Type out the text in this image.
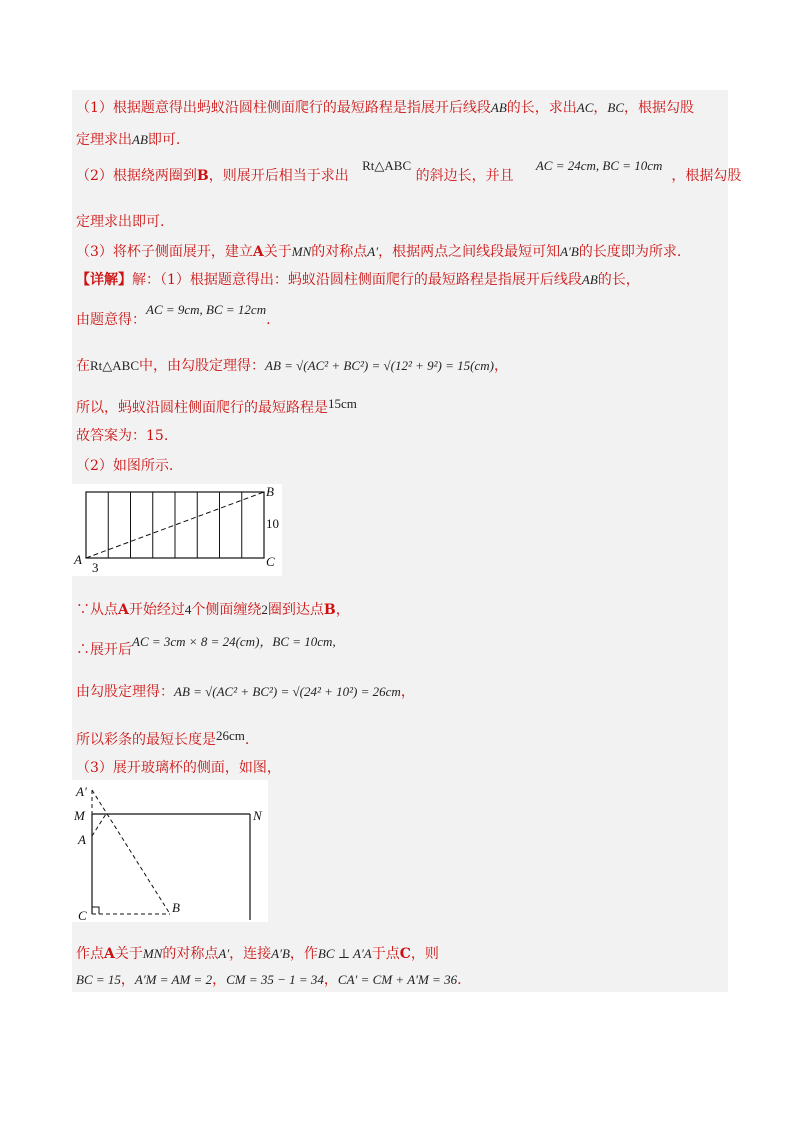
（1）根据题意得出蚂蚁沿圆柱侧面爬行的最短路程是指展开后线段AB的长，求出AC，BC，根据勾股
定理求出AB即可.
（2）根据绕两圈到B，则展开后相当于求出   Rt△ABC 的斜边长，并且     AC = 24cm, BC = 10cm  ，根据勾股
定理求出即可.
（3）将杯子侧面展开，建立A关于MN的对称点A′，根据两点之间线段最短可知A′B的长度即为所求.
【详解】解：（1）根据题意得出：蚂蚁沿圆柱侧面爬行的最短路程是指展开后线段AB的长，
由题意得：AC = 9cm, BC = 12cm.
在Rt△ABC中，由勾股定理得：AB = √(AC² + BC²) = √(12² + 9²) = 15(cm)，
所以，蚂蚁沿圆柱侧面爬行的最短路程是15cm
故答案为：15.
（2）如图所示.
A
B
C
10
3
∵从点A开始经过4个侧面缠绕2圈到达点B，
∴展开后AC = 3cm × 8 = 24(cm)，BC = 10cm,
由勾股定理得：AB = √(AC² + BC²) = √(24² + 10²) = 26cm，
所以彩条的最短长度是26cm.
（3）展开玻璃杯的侧面，如图，
A′
M
A
N
C
B
作点A关于MN的对称点A′，连接A′B，作BC ⊥ A′A于点C，则
BC = 15，A′M = AM = 2，CM = 35 − 1 = 34，CA′ = CM + A′M = 36.
